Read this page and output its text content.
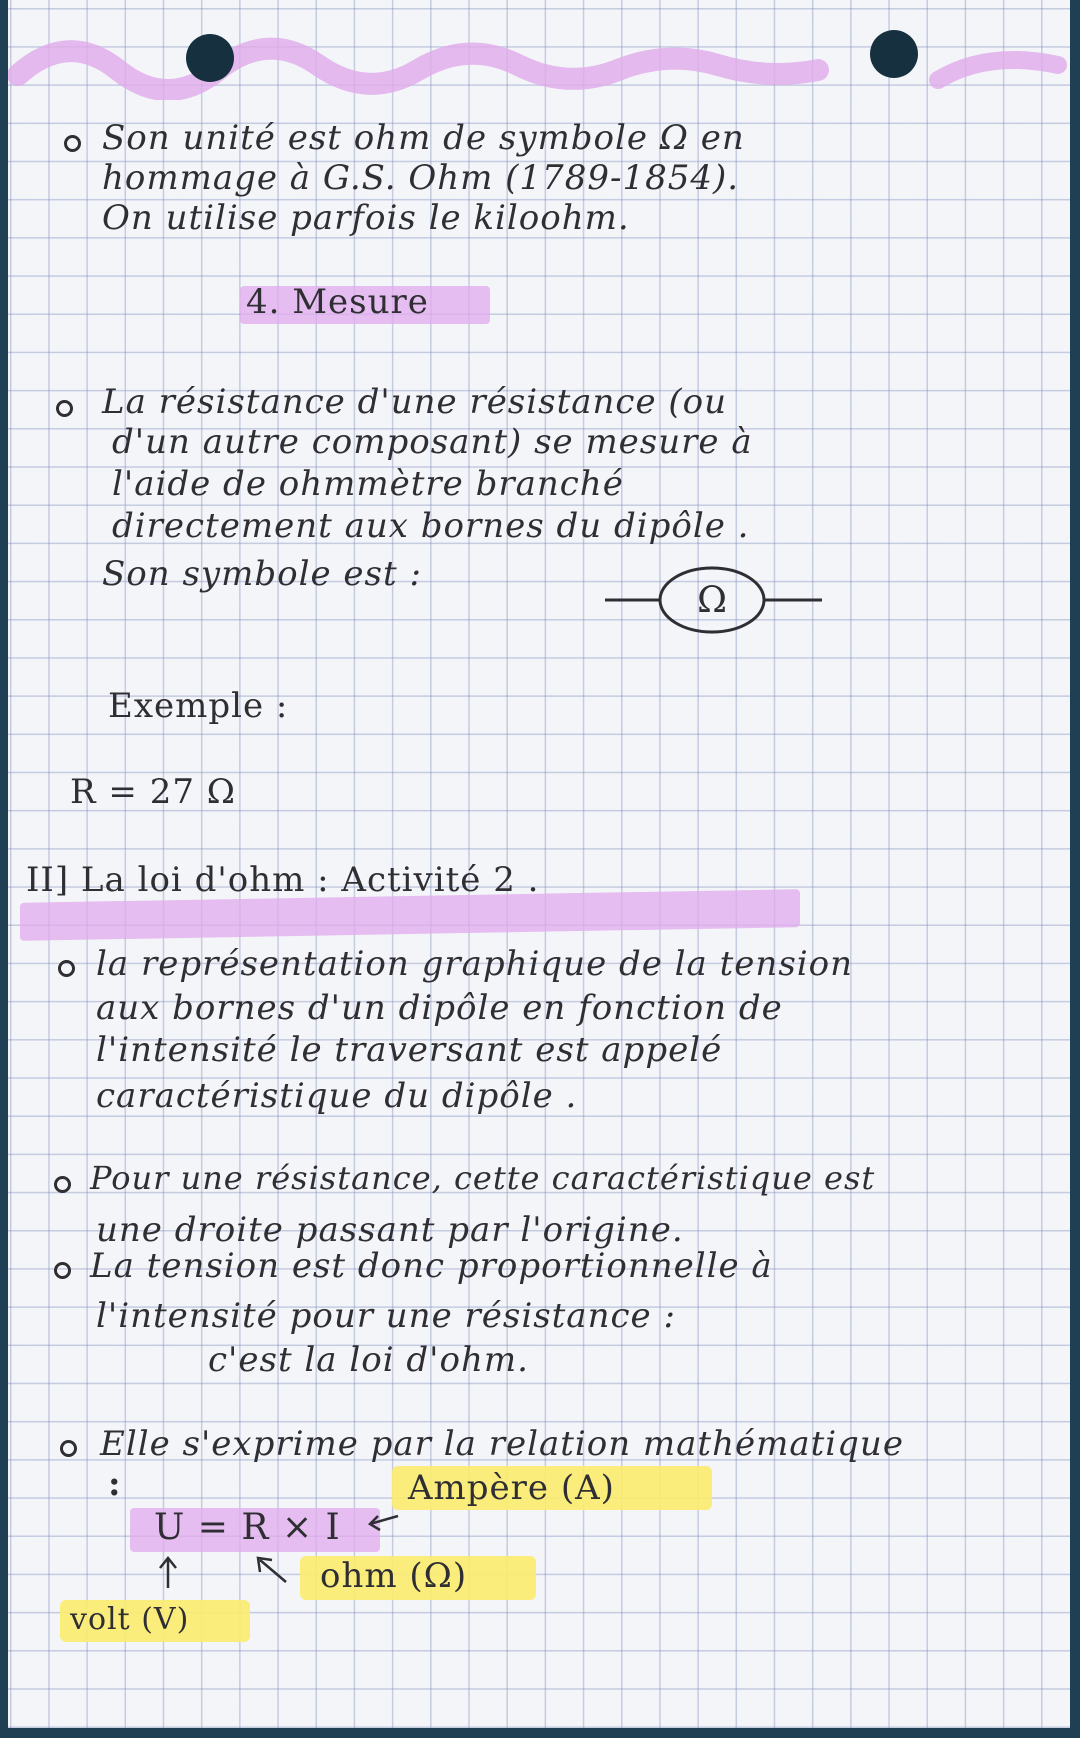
Son unité est ohm de symbole Ω en

hommage à G.S. Ohm (1789-1854).

On utilise parfois le kiloohm.

4. Mesure

La résistance d'une résistance (ou

d'un autre composant) se mesure à

l'aide de ohmmètre branché

directement aux bornes du dipôle .

Son symbole est :

Ω

Exemple :

R = 27 Ω

II] La loi d'ohm : Activité 2 .

la représentation graphique de la tension

aux bornes d'un dipôle en fonction de

l'intensité le traversant est appelé

caractéristique du dipôle .

Pour une résistance, cette caractéristique est

une droite passant par l'origine.

La tension est donc proportionnelle à

l'intensité pour une résistance :

c'est la loi d'ohm.

Elle s'exprime par la relation mathématique

:	Ampère (A)

U = R × I

ohm (Ω)

volt (V)
